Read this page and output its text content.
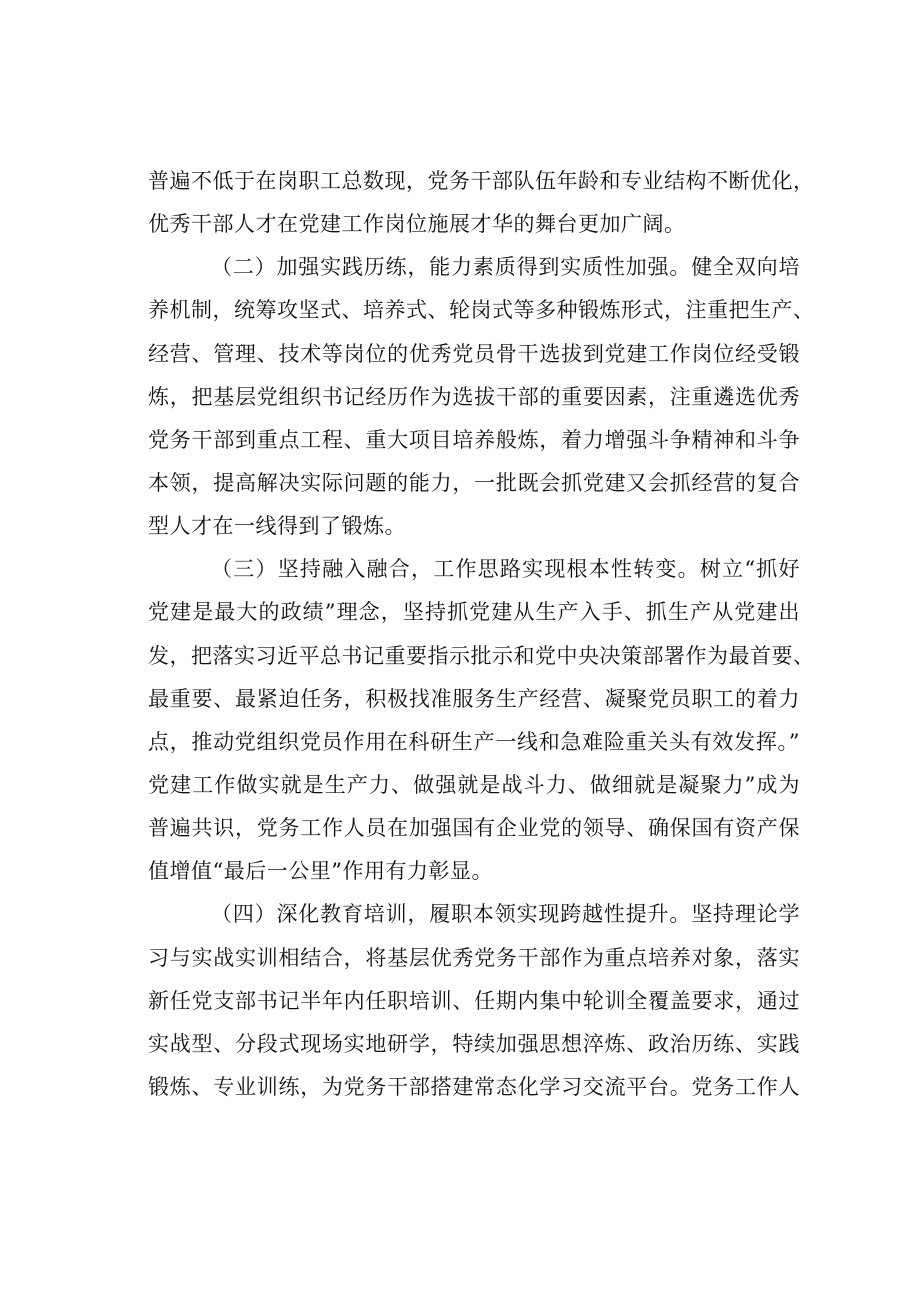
普遍不低于在岗职工总数现，党务干部队伍年龄和专业结构不断优化，
优秀干部人才在党建工作岗位施展才华的舞台更加广阔。
（二）加强实践历练，能力素质得到实质性加强。健全双向培
养机制，统筹攻坚式、培养式、轮岗式等多种锻炼形式，注重把生产、
经营、管理、技术等岗位的优秀党员骨干选拔到党建工作岗位经受锻
炼，把基层党组织书记经历作为选拔干部的重要因素，注重遴选优秀
党务干部到重点工程、重大项目培养般炼，着力增强斗争精神和斗争
本领，提高解决实际问题的能力，一批既会抓党建又会抓经营的复合
型人才在一线得到了锻炼。
（三）坚持融入融合，工作思路实现根本性转变。树立“抓好
党建是最大的政绩”理念，坚持抓党建从生产入手、抓生产从党建出
发，把落实习近平总书记重要指示批示和党中央决策部署作为最首要、
最重要、最紧迫任务，积极找准服务生产经营、凝聚党员职工的着力
点，推动党组织党员作用在科研生产一线和急难险重关头有效发挥。”
党建工作做实就是生产力、做强就是战斗力、做细就是凝聚力”成为
普遍共识，党务工作人员在加强国有企业党的领导、确保国有资产保
值增值“最后一公里”作用有力彰显。
（四）深化教育培训，履职本领实现跨越性提升。坚持理论学
习与实战实训相结合，将基层优秀党务干部作为重点培养对象，落实
新任党支部书记半年内任职培训、任期内集中轮训全覆盖要求，通过
实战型、分段式现场实地研学，特续加强思想淬炼、政治历练、实践
锻炼、专业训练，为党务干部搭建常态化学习交流平台。党务工作人
